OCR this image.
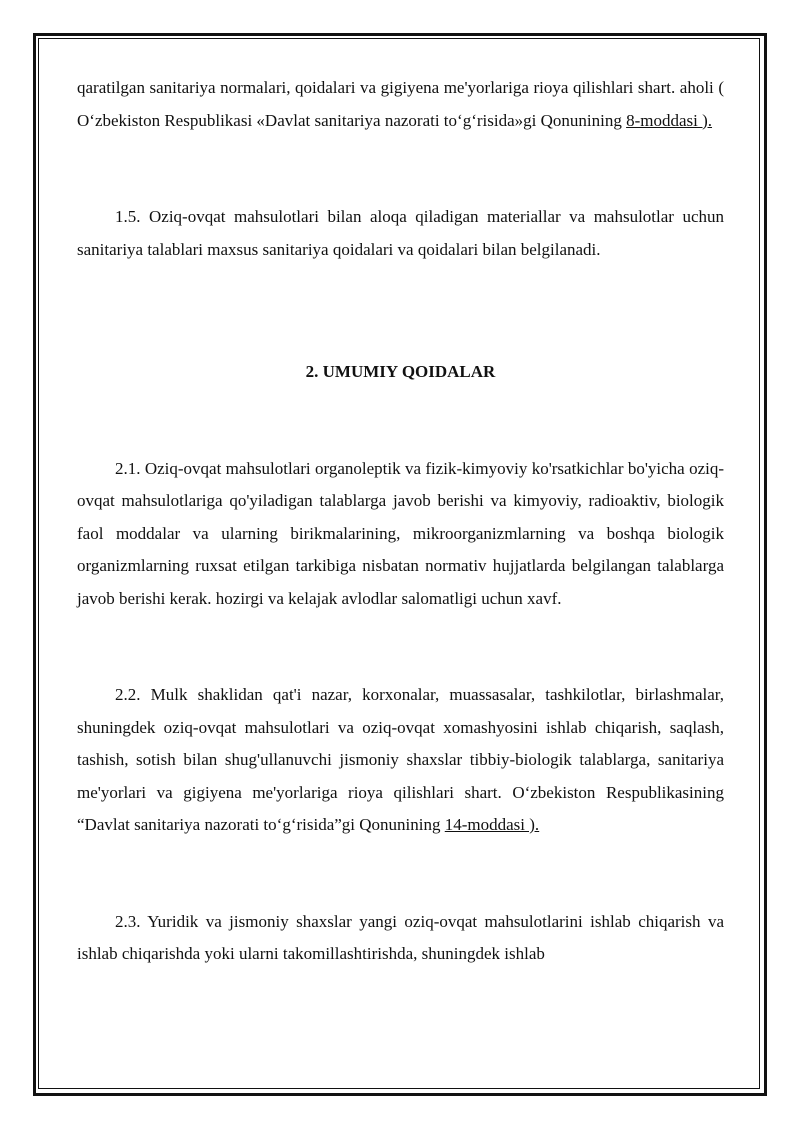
qaratilgan sanitariya normalari, qoidalari va gigiyena me'yorlariga rioya qilishlari shart. aholi ( O‘zbekiston Respublikasi «Davlat sanitariya nazorati to‘g‘risida»gi Qonunining 8-moddasi ).

1.5. Oziq-ovqat mahsulotlari bilan aloqa qiladigan materiallar va mahsulotlar uchun sanitariya talablari maxsus sanitariya qoidalari va qoidalari bilan belgilanadi.

2. UMUMIY QOIDALAR

2.1. Oziq-ovqat mahsulotlari organoleptik va fizik-kimyoviy ko'rsatkichlar bo'yicha oziq-ovqat mahsulotlariga qo'yiladigan talablarga javob berishi va kimyoviy, radioaktiv, biologik faol moddalar va ularning birikmalarining, mikroorganizmlarning va boshqa biologik organizmlarning ruxsat etilgan tarkibiga nisbatan normativ hujjatlarda belgilangan talablarga javob berishi kerak. hozirgi va kelajak avlodlar salomatligi uchun xavf.

2.2. Mulk shaklidan qat'i nazar, korxonalar, muassasalar, tashkilotlar, birlashmalar, shuningdek oziq-ovqat mahsulotlari va oziq-ovqat xomashyosini ishlab chiqarish, saqlash, tashish, sotish bilan shug'ullanuvchi jismoniy shaxslar tibbiy-biologik talablarga, sanitariya me'yorlari va gigiyena me'yorlariga rioya qilishlari shart. O‘zbekiston Respublikasining “Davlat sanitariya nazorati to‘g‘risida”gi Qonunining 14-moddasi ).

2.3. Yuridik va jismoniy shaxslar yangi oziq-ovqat mahsulotlarini ishlab chiqarish va ishlab chiqarishda yoki ularni takomillashtirishda, shuningdek ishlab
